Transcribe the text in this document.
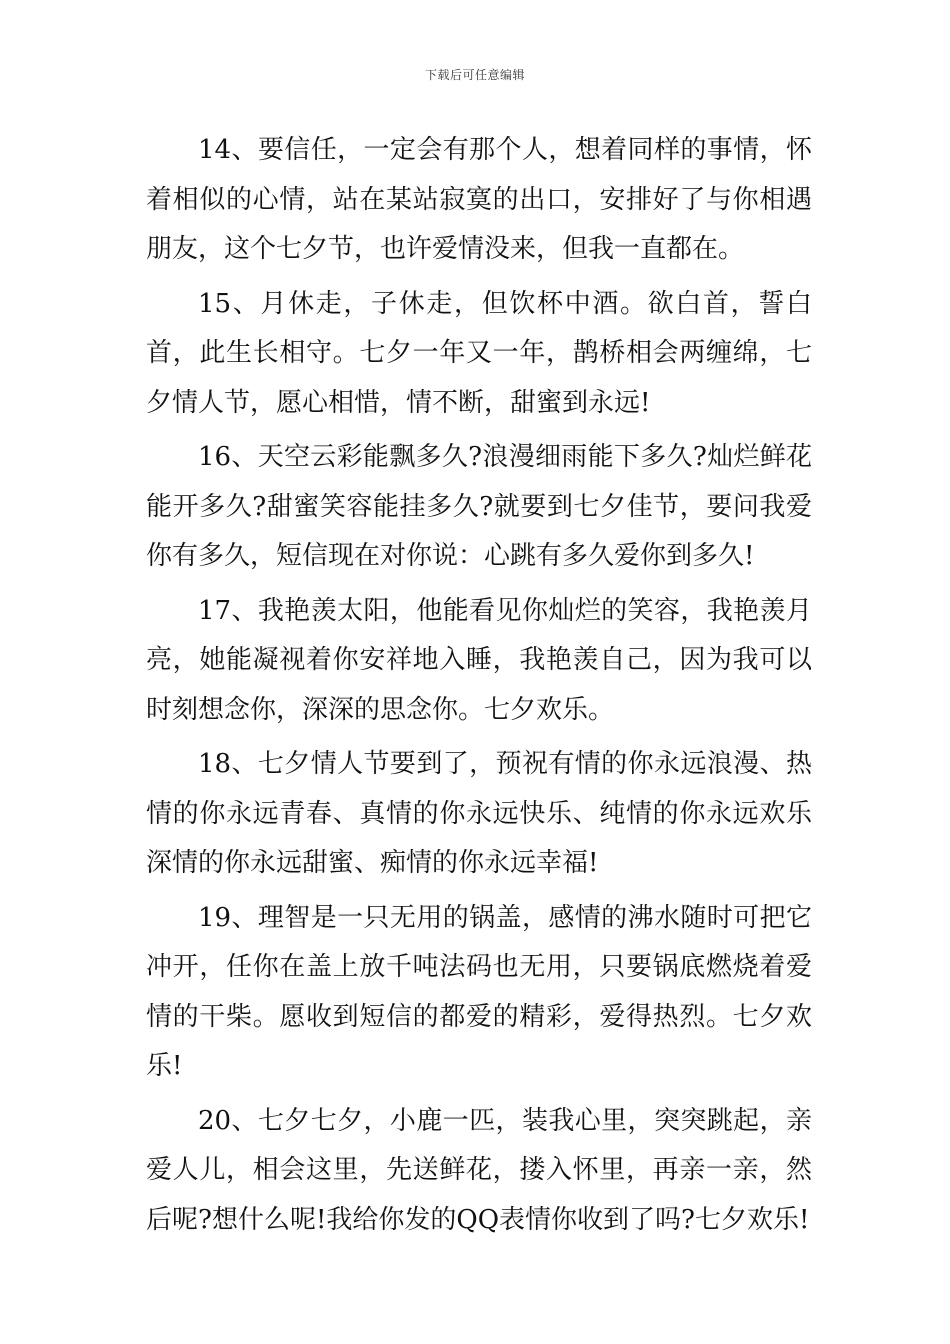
下载后可任意编辑

14、要信任，一定会有那个人，想着同样的事情，怀着相似的心情，站在某站寂寞的出口，安排好了与你相遇朋友，这个七夕节，也许爱情没来，但我一直都在。

15、月休走，子休走，但饮杯中酒。欲白首，誓白首，此生长相守。七夕一年又一年，鹊桥相会两缠绵，七夕情人节，愿心相惜，情不断，甜蜜到永远!

16、天空云彩能飘多久?浪漫细雨能下多久?灿烂鲜花能开多久?甜蜜笑容能挂多久?就要到七夕佳节，要问我爱你有多久，短信现在对你说：心跳有多久爱你到多久!

17、我艳羡太阳，他能看见你灿烂的笑容，我艳羡月亮，她能凝视着你安祥地入睡，我艳羡自己，因为我可以时刻想念你，深深的思念你。七夕欢乐。

18、七夕情人节要到了，预祝有情的你永远浪漫、热情的你永远青春、真情的你永远快乐、纯情的你永远欢乐深情的你永远甜蜜、痴情的你永远幸福!

19、理智是一只无用的锅盖，感情的沸水随时可把它冲开，任你在盖上放千吨法码也无用，只要锅底燃烧着爱情的干柴。愿收到短信的都爱的精彩，爱得热烈。七夕欢乐!

20、七夕七夕，小鹿一匹，装我心里，突突跳起，亲爱人儿，相会这里，先送鲜花，搂入怀里，再亲一亲，然后呢?想什么呢!我给你发的QQ表情你收到了吗?七夕欢乐!
